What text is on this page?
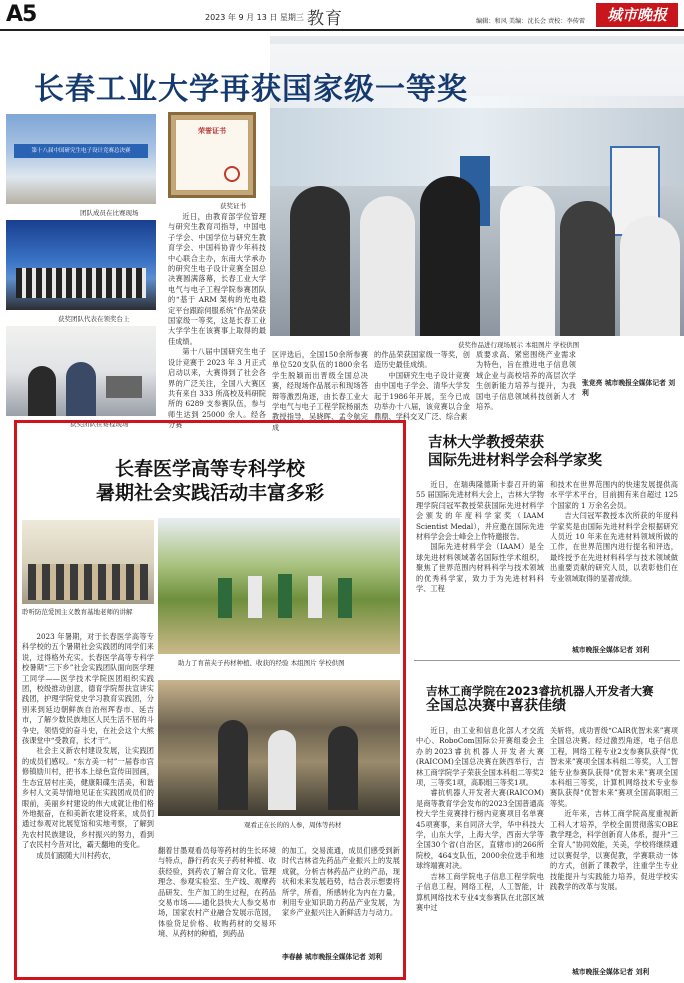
A5	2023 年 9 月 13 日 星期三 教育	编辑：和风 美编：沈长会 责校：李传雷	城市晚报
长春工业大学再获国家级一等奖
第十八届中国研究生电子设计竞赛总决赛
团队成员在比赛现场
荣誉证书
获奖证书
获奖团队代表在领奖台上
获奖团队在赛程现场
获奖作品进行现场展示 本组图片 学校供图

近日，由教育部学位管理与研究生教育司指导，中国电子学会、中国学位与研究生教育学会、中国科协青少年科技中心联合主办，东南大学承办的研究生电子设计竞赛全国总决赛圆满落幕，长春工业大学电气与电子工程学院参赛团队的“基于 ARM 架构的光电稳定平台跟踪伺服系统”作品荣获国家级一等奖，这是长春工业大学学生在该赛事上取得的最佳成绩。

第十八届中国研究生电子设计竞赛于 2023 年 3 月正式启动以来，大赛得到了社会各界的广泛关注，全国八大赛区共有来自 333 所高校及科研院所的 6289 支参赛队伍，参与师生达到 25000 余人。经各分赛

区评选后，全国150余所参赛单位520支队伍的1800余名学生脱颖而出晋级全国总决赛，经现场作品展示和现场答辩等激烈角逐，由长春工业大学电气与电子工程学院杨丽杰教授指导，吴晓晖、孟令航完成

的作品荣获国家级一等奖，创造历史最佳成绩。

中国研究生电子设计竞赛由中国电子学会、清华大学发起于1986年开展，至今已成功举办十八届，该竞赛以合金鼎鼎、学科交叉广泛、综合素

质要求高、紧密围绕产业需求为特色，旨在推进电子信息领域企业与高校培养的高层次学生创新能力培养与提升，为我国电子信息领域科技创新人才培养。

张竞亮 城市晚报全媒体记者 刘利
长春医学高等专科学校
暑期社会实践活动丰富多彩
聆听防范爱国主义教育基地老师的讲解
助力了育苗夹子药材种植、收获的经验 本组图片 学校供图
观看正在长的的人参，周体等药材

2023 年暑期，对于长春医学高等专科学校的五个暑期社会实践团的同学们来说，过得格外充实。长春医学高等专科学校暑期“三下乡”社会实践团队面向医学理工同学——医学技术学院医团组织实践团，校级推动创意，德育学院帮扶宣讲实践团，护理学院党史学习教育实践团，分别来到延边朝鲜族自治州珲春市、延吉市，了解少数民族地区人民生活不屈的斗争史，领悟党的奋斗史，在社会这个大熊孩课堂中“受教育，长才干”。

社会主义新农村建设发展，让实践团的成员们感叹。“东方美一村”一届春市宫修镇励川村，把书本上绿色宣传田园画，生态宜居村庄美，健康阳碟生活美，和谐乡村人文美导情地见证在实践团成员们的眼前，美丽乡村建设的伟大成就让他们格外地振奋，在和美新农建设将来，成员们通过参观对比展览馆和实地考察，了解到先农村民族建设，乡村振兴的努力，看到了农民村今昔对比，霸天翻地的变化。

成员们跟随大川村药农，

翻着甘墨观看员每等药材的生长环境与特点，静行药农夹子药材种植、收获经验，到药农了解合育文化、管理理念、参观实验室、生产线、观摩药品研发、生产加工的生过程，在药品交易市场——通化县快大人参交易市场，国家农村产业融合发展示范园，体验货足价格、收购药材的交易环境、从药材的种植，到药品

的加工，交易流通，成员们感受到新时代吉林省先药品产业振兴上的发展成就，分析吉林药品产业的产品，现状和未来发展趋势，结合表示想要将所学，所看，所感转化为内在力量，利用专业知识助力药品产业发展，为家乡产业振兴注入新鲜活力与动力。

李春赫 城市晚报全媒体记者 刘利
吉林大学教授荣获
国际先进材料学会科学家奖

近日，在瑞典隆德斯卡泰召开的第 55 届国际先进材料大会上，吉林大学物理学院闫冠军教授荣获国际先进材料学会颁发的年度科学家奖（IAAM Scientist Medal），并应邀在国际先进材料学会会士峰会上作特邀报告。

国际先进材料学会（IAAM）是全球先进材料领域著名国际性学术组织，聚焦了世界范围内材料科学与技术领域的优秀科学家，致力于为先进材料科学、工程

和技术在世界范围内的快速发展提供高水平学术平台，目前拥有来自超过 125 个国家的 1 万余名会员。

吉大闫冠军教授本次所获的年度科学家奖是由国际先进材料学会根据研究人员近 10 年来在先进材料领域所做的工作，在世界范围内进行提名和评选，最终授予在先进材料科学与技术领域做出重要贡献的研究人员，以表彰他们在专业领域取得的显著成绩。

城市晚报全媒体记者 刘利
吉林工商学院在2023睿抗机器人开发者大赛
全国总决赛中喜获佳绩

近日，由工业和信息化部人才交流中心、RoboCom国际公开赛组委会主办的2023睿抗机器人开发者大赛(RAICOM)全国总决赛在陕西举行，吉林工商学院学子荣获全国本科组二等奖2项，三等奖1项，高职组三等奖1项。

睿抗机器人开发者大赛(RAICOM)是商等教育学会发布的2023全国普通高校大学生竞赛排行榜内竞赛项目名单赛45项赛事，来自同济大学，华中科技大学，山东大学，上海大学，西南大学等全国30个省(自治区，直辖市)的266所院校，464支队伍，2000余位选手和地球终端赛对决。

吉林工商学院电子信息工程学院电子信息工程，网络工程，人工智能，计算机网络技术专业4支参赛队在北部区域赛中过

关斩将，成功晋级“CAIR优智未来”赛项全国总决赛。经过激烈角逐，电子信息工程，网络工程专业2支参赛队获得“优智未来”赛项全国本科组二等奖，人工智能专业参赛队获得“优智未来”赛项全国本科组三等奖，计算机网络技术专业参赛队获得“优智未来”赛项全国高职组三等奖。

近年来，吉林工商学院高度重视新工科人才培养，学校全面贯彻落实OBE教学理念，科学创新育人体系，提升“三全育人”协同效能，关美，学校将继续通过以赛促学，以赛促教，学赛联动一体的方式，创新了课教学，注重学生专业技能提升与实践能力培养，促进学校实践教学的改革与发展。

城市晚报全媒体记者 刘利
